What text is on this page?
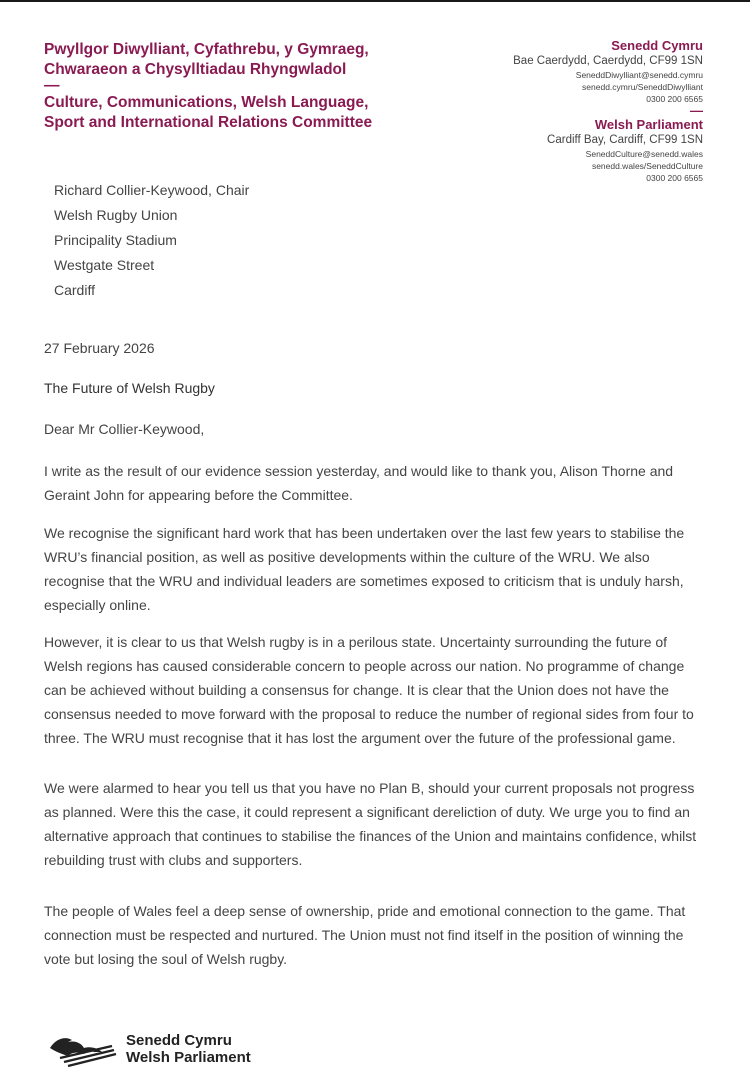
Pwyllgor Diwylliant, Cyfathrebu, y Gymraeg,
Chwaraeon a Chysylltiadau Rhyngwladol
—
Culture, Communications, Welsh Language,
Sport and International Relations Committee
Senedd Cymru
Bae Caerdydd, Caerdydd, CF99 1SN
SeneddDiwylliant@senedd.cymru
senedd.cymru/SeneddDiwylliant
0300 200 6565
—
Welsh Parliament
Cardiff Bay, Cardiff, CF99 1SN
SeneddCulture@senedd.wales
senedd.wales/SeneddCulture
0300 200 6565
Richard Collier-Keywood, Chair
Welsh Rugby Union
Principality Stadium
Westgate Street
Cardiff
27 February 2026
The Future of Welsh Rugby
Dear Mr Collier-Keywood,

I write as the result of our evidence session yesterday, and would like to thank you, Alison Thorne and Geraint John for appearing before the Committee.

We recognise the significant hard work that has been undertaken over the last few years to stabilise the WRU’s financial position, as well as positive developments within the culture of the WRU. We also recognise that the WRU and individual leaders are sometimes exposed to criticism that is unduly harsh, especially online.

However, it is clear to us that Welsh rugby is in a perilous state. Uncertainty surrounding the future of Welsh regions has caused considerable concern to people across our nation. No programme of change can be achieved without building a consensus for change. It is clear that the Union does not have the consensus needed to move forward with the proposal to reduce the number of regional sides from four to three. The WRU must recognise that it has lost the argument over the future of the professional game.

We were alarmed to hear you tell us that you have no Plan B, should your current proposals not progress as planned. Were this the case, it could represent a significant dereliction of duty. We urge you to find an alternative approach that continues to stabilise the finances of the Union and maintains confidence, whilst rebuilding trust with clubs and supporters.

The people of Wales feel a deep sense of ownership, pride and emotional connection to the game. That connection must be respected and nurtured. The Union must not find itself in the position of winning the vote but losing the soul of Welsh rugby.

Senedd Cymru
Welsh Parliament
